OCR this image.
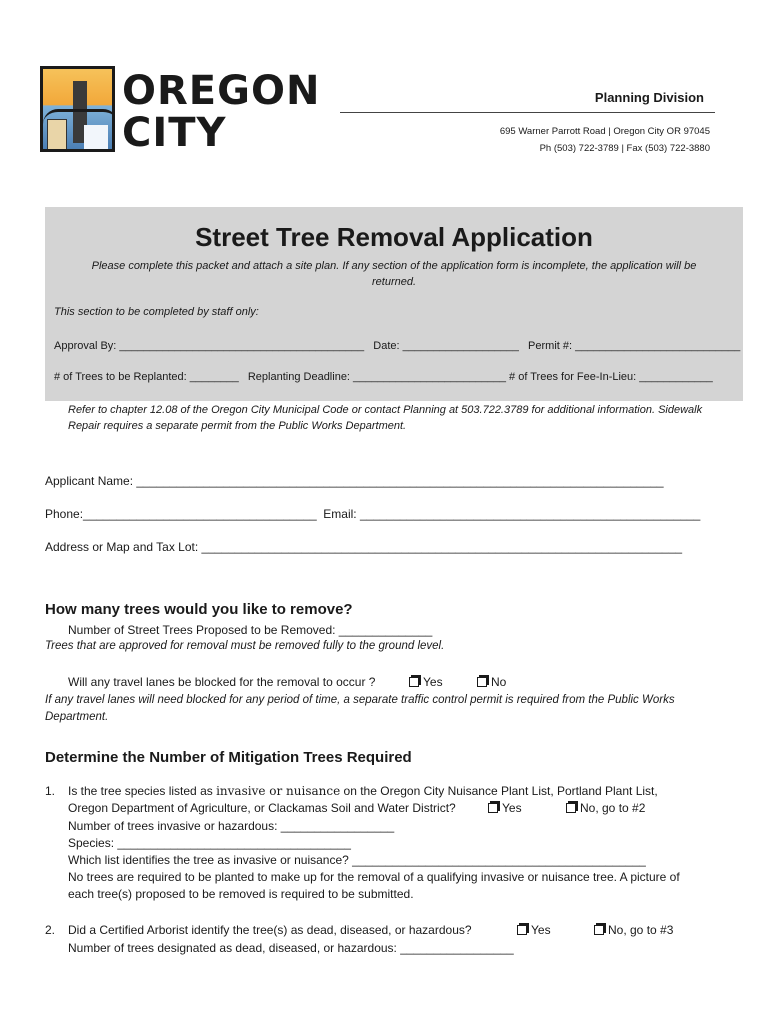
OREGON
CITY
Planning Division
695 Warner Parrott Road | Oregon City OR 97045
Ph (503) 722-3789 | Fax (503) 722-3880
Street Tree Removal Application
Please complete this packet and attach a site plan. If any section of the application form is incomplete, the application will be returned.
This section to be completed by staff only:
Approval By: ________________________________________   Date: ___________________   Permit #: ___________________________
# of Trees to be Replanted: ________   Replanting Deadline: _________________________ # of Trees for Fee-In-Lieu: ____________
Refer to chapter 12.08 of the Oregon City Municipal Code or contact Planning at 503.722.3789 for additional information. Sidewalk Repair requires a separate permit from the Public Works Department.
Applicant Name: _______________________________________________________________________________
Phone:___________________________________  Email: ___________________________________________________
Address or Map and Tax Lot: ________________________________________________________________________
How many trees would you like to remove?
Number of Street Trees Proposed to be Removed: ______________
Trees that are approved for removal must be removed fully to the ground level.
Will any travel lanes be blocked for the removal to occur ?	Yes	No
If any travel lanes will need blocked for any period of time, a separate traffic control permit is required from the Public Works Department.
Determine the Number of Mitigation Trees Required
1. Is the tree species listed as invasive or nuisance on the Oregon City Nuisance Plant List, Portland Plant List,
Oregon Department of Agriculture, or Clackamas Soil and Water District?	Yes	No, go to #2
Number of trees invasive or hazardous: _________________
Species: ___________________________________
Which list identifies the tree as invasive or nuisance? ____________________________________________
No trees are required to be planted to make up for the removal of a qualifying invasive or nuisance tree. A picture of each tree(s) proposed to be removed is required to be submitted.
2. Did a Certified Arborist identify the tree(s) as dead, diseased, or hazardous?	Yes	No, go to #3
Number of trees designated as dead, diseased, or hazardous: _________________
